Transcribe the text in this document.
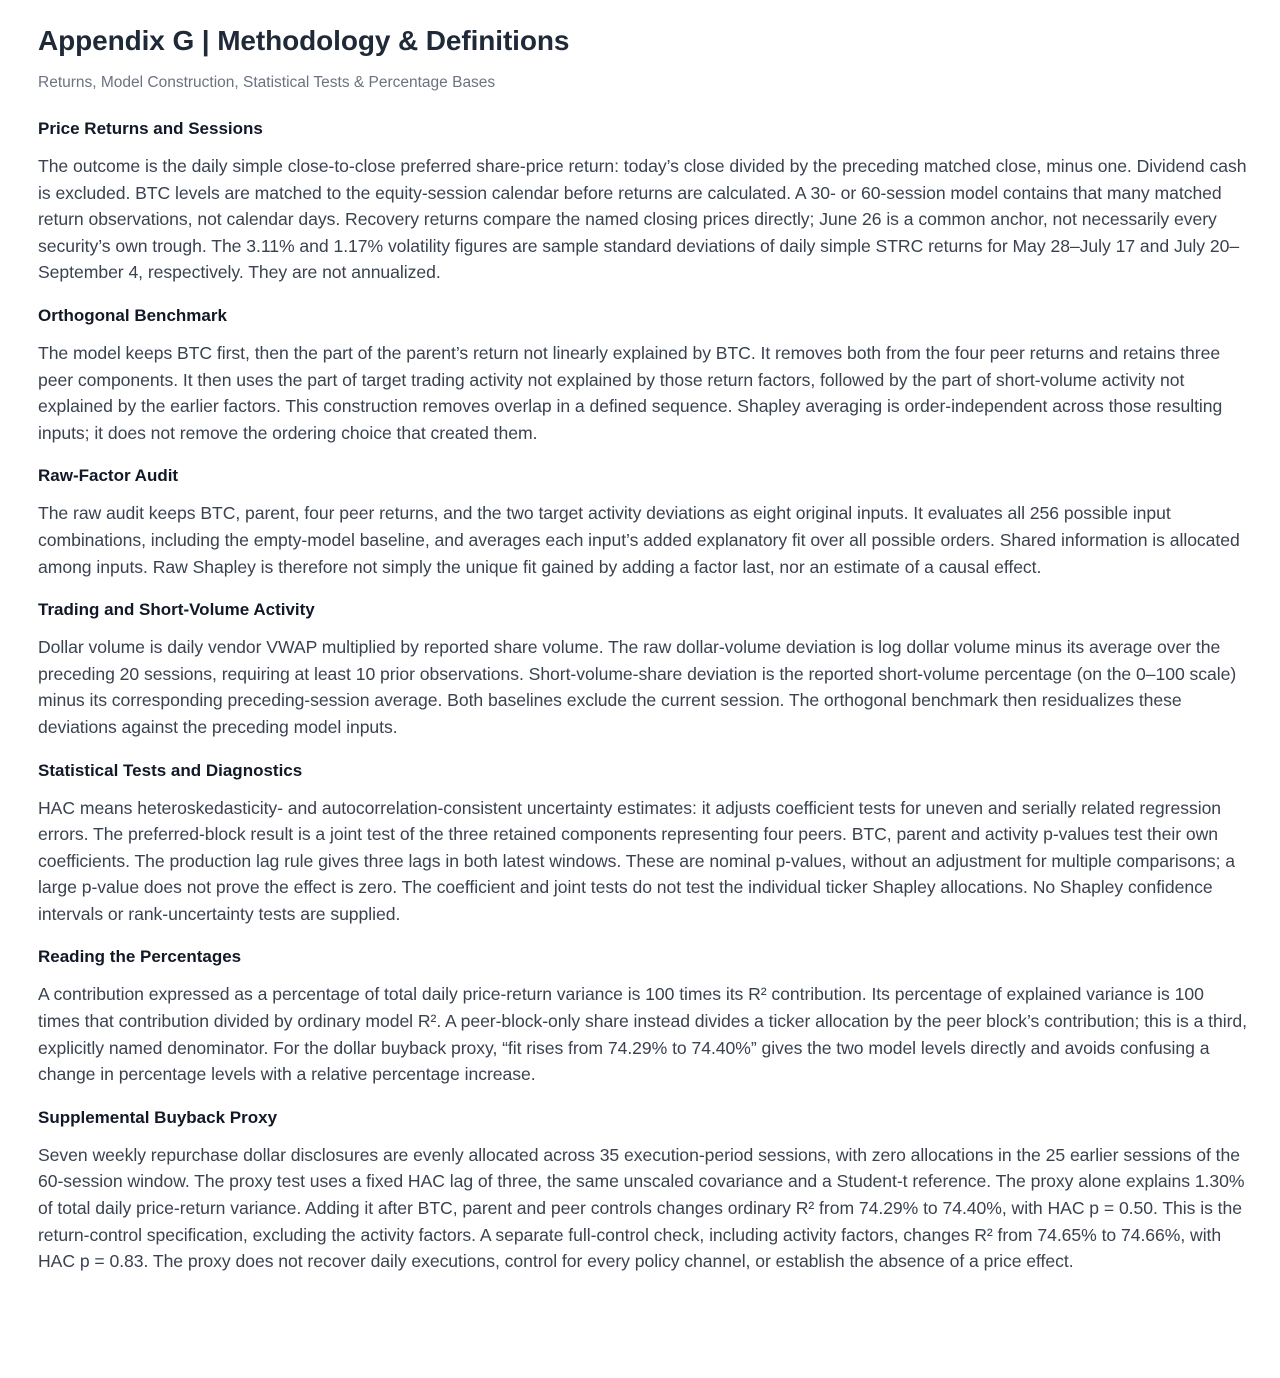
Appendix G | Methodology & Definitions

Returns, Model Construction, Statistical Tests & Percentage Bases

Price Returns and Sessions

The outcome is the daily simple close-to-close preferred share-price return: today’s close divided by the preceding matched close, minus one. Dividend cash is excluded. BTC levels are matched to the equity-session calendar before returns are calculated. A 30- or 60-session model contains that many matched return observations, not calendar days. Recovery returns compare the named closing prices directly; June 26 is a common anchor, not necessarily every security’s own trough. The 3.11% and 1.17% volatility figures are sample standard deviations of daily simple STRC returns for May 28–July 17 and July 20–September 4, respectively. They are not annualized.

Orthogonal Benchmark

The model keeps BTC first, then the part of the parent’s return not linearly explained by BTC. It removes both from the four peer returns and retains three peer components. It then uses the part of target trading activity not explained by those return factors, followed by the part of short-volume activity not explained by the earlier factors. This construction removes overlap in a defined sequence. Shapley averaging is order-independent across those resulting inputs; it does not remove the ordering choice that created them.

Raw-Factor Audit

The raw audit keeps BTC, parent, four peer returns, and the two target activity deviations as eight original inputs. It evaluates all 256 possible input combinations, including the empty-model baseline, and averages each input’s added explanatory fit over all possible orders. Shared information is allocated among inputs. Raw Shapley is therefore not simply the unique fit gained by adding a factor last, nor an estimate of a causal effect.

Trading and Short-Volume Activity

Dollar volume is daily vendor VWAP multiplied by reported share volume. The raw dollar-volume deviation is log dollar volume minus its average over the preceding 20 sessions, requiring at least 10 prior observations. Short-volume-share deviation is the reported short-volume percentage (on the 0–100 scale) minus its corresponding preceding-session average. Both baselines exclude the current session. The orthogonal benchmark then residualizes these deviations against the preceding model inputs.

Statistical Tests and Diagnostics

HAC means heteroskedasticity- and autocorrelation-consistent uncertainty estimates: it adjusts coefficient tests for uneven and serially related regression errors. The preferred-block result is a joint test of the three retained components representing four peers. BTC, parent and activity p-values test their own coefficients. The production lag rule gives three lags in both latest windows. These are nominal p-values, without an adjustment for multiple comparisons; a large p-value does not prove the effect is zero. The coefficient and joint tests do not test the individual ticker Shapley allocations. No Shapley confidence intervals or rank-uncertainty tests are supplied.

Reading the Percentages

A contribution expressed as a percentage of total daily price-return variance is 100 times its R² contribution. Its percentage of explained variance is 100 times that contribution divided by ordinary model R². A peer-block-only share instead divides a ticker allocation by the peer block’s contribution; this is a third, explicitly named denominator. For the dollar buyback proxy, “fit rises from 74.29% to 74.40%” gives the two model levels directly and avoids confusing a change in percentage levels with a relative percentage increase.

Supplemental Buyback Proxy

Seven weekly repurchase dollar disclosures are evenly allocated across 35 execution-period sessions, with zero allocations in the 25 earlier sessions of the 60-session window. The proxy test uses a fixed HAC lag of three, the same unscaled covariance and a Student-t reference. The proxy alone explains 1.30% of total daily price-return variance. Adding it after BTC, parent and peer controls changes ordinary R² from 74.29% to 74.40%, with HAC p = 0.50. This is the return-control specification, excluding the activity factors. A separate full-control check, including activity factors, changes R² from 74.65% to 74.66%, with HAC p = 0.83. The proxy does not recover daily executions, control for every policy channel, or establish the absence of a price effect.
